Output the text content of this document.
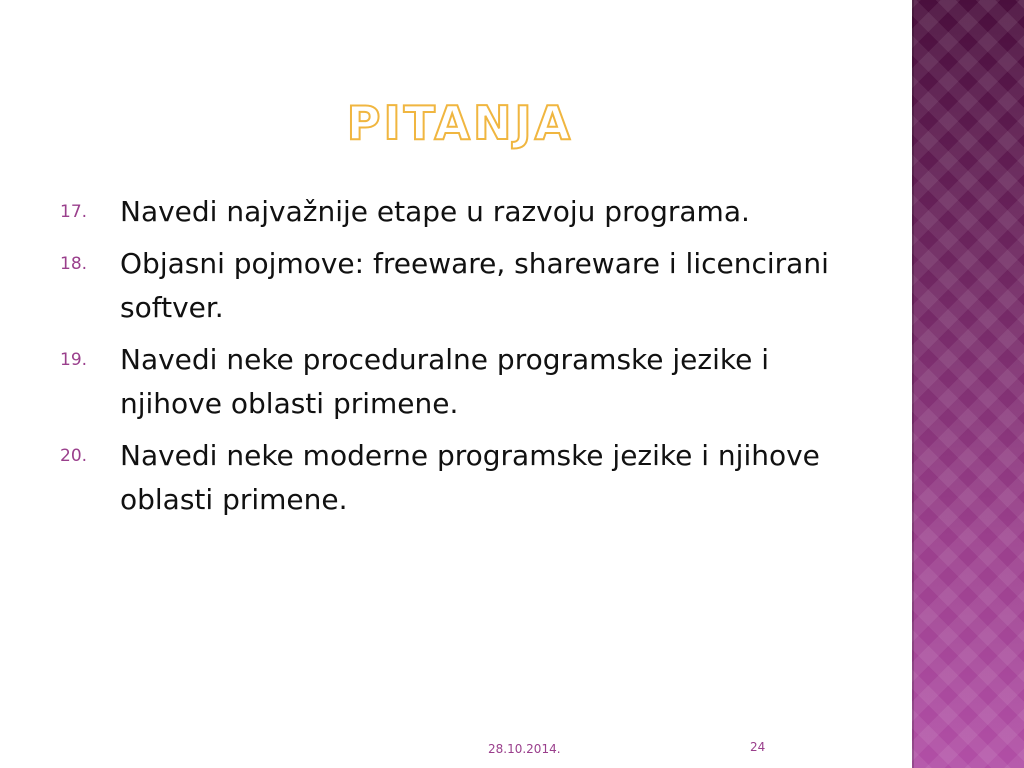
PITANJA
17. Navedi najvažnije etape u razvoju programa.
18. Objasni pojmove: freeware, shareware i licencirani softver.
19. Navedi neke proceduralne programske jezike i njihove oblasti primene.
20. Navedi neke moderne programske jezike i njihove oblasti primene.
28.10.2014.	24
